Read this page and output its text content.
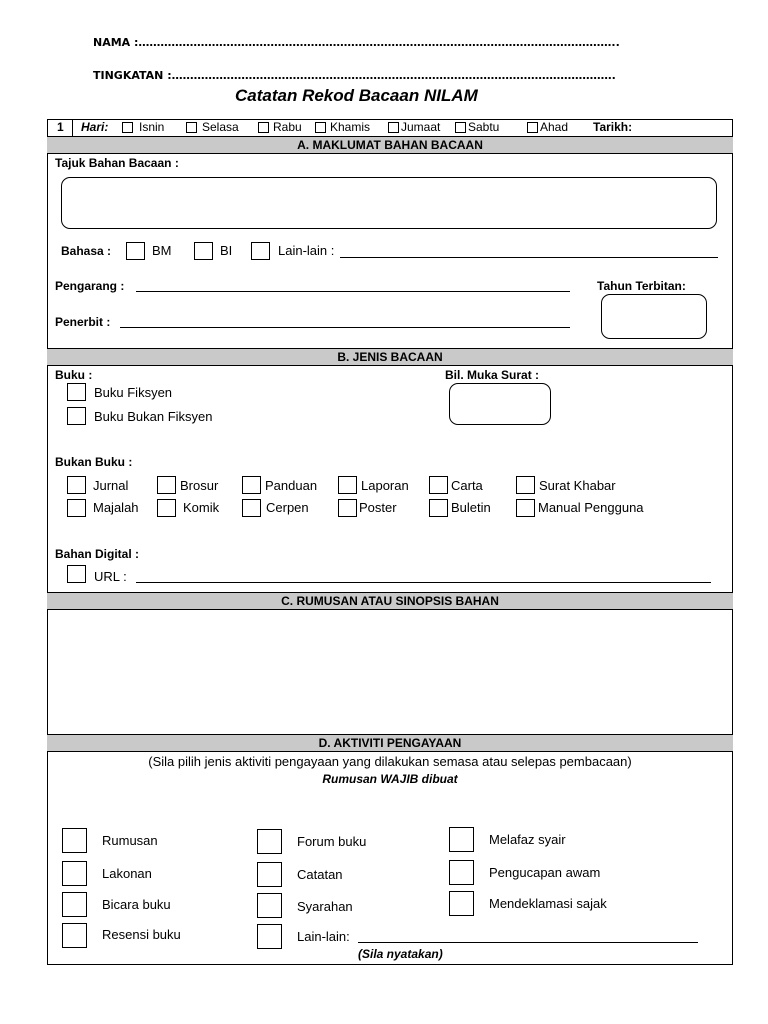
NAMA :…………………………………………………………………………………………………………………..
TINGKATAN :………………………………………………………………………………………………………….
Catatan Rekod Bacaan NILAM
1 Hari:	Isnin	Selasa	Rabu Khamis	Jumaat Sabtu	Ahad Tarikh:
A. MAKLUMAT BAHAN BACAAN
Tajuk Bahan Bacaan :
Bahasa :	BM	BI	Lain-lain :
Pengarang :	Tahun Terbitan:
Penerbit :
B. JENIS BACAAN
Buku :
Buku Fiksyen
Buku Bukan Fiksyen
Bil. Muka Surat :
Bukan Buku :
Jurnal	Brosur	Panduan	Laporan	Carta	Surat Khabar
Majalah	Komik	Cerpen	Poster	Buletin	Manual Pengguna
Bahan Digital :
URL :
C. RUMUSAN ATAU SINOPSIS BAHAN
D. AKTIVITI PENGAYAAN
(Sila pilih jenis aktiviti pengayaan yang dilakukan semasa atau selepas pembacaan)
Rumusan WAJIB dibuat
Rumusan
Lakonan
Bicara buku
Resensi buku
Forum buku
Catatan
Syarahan
Lain-lain:
Melafaz syair
Pengucapan awam
Mendeklamasi sajak
(Sila nyatakan)
